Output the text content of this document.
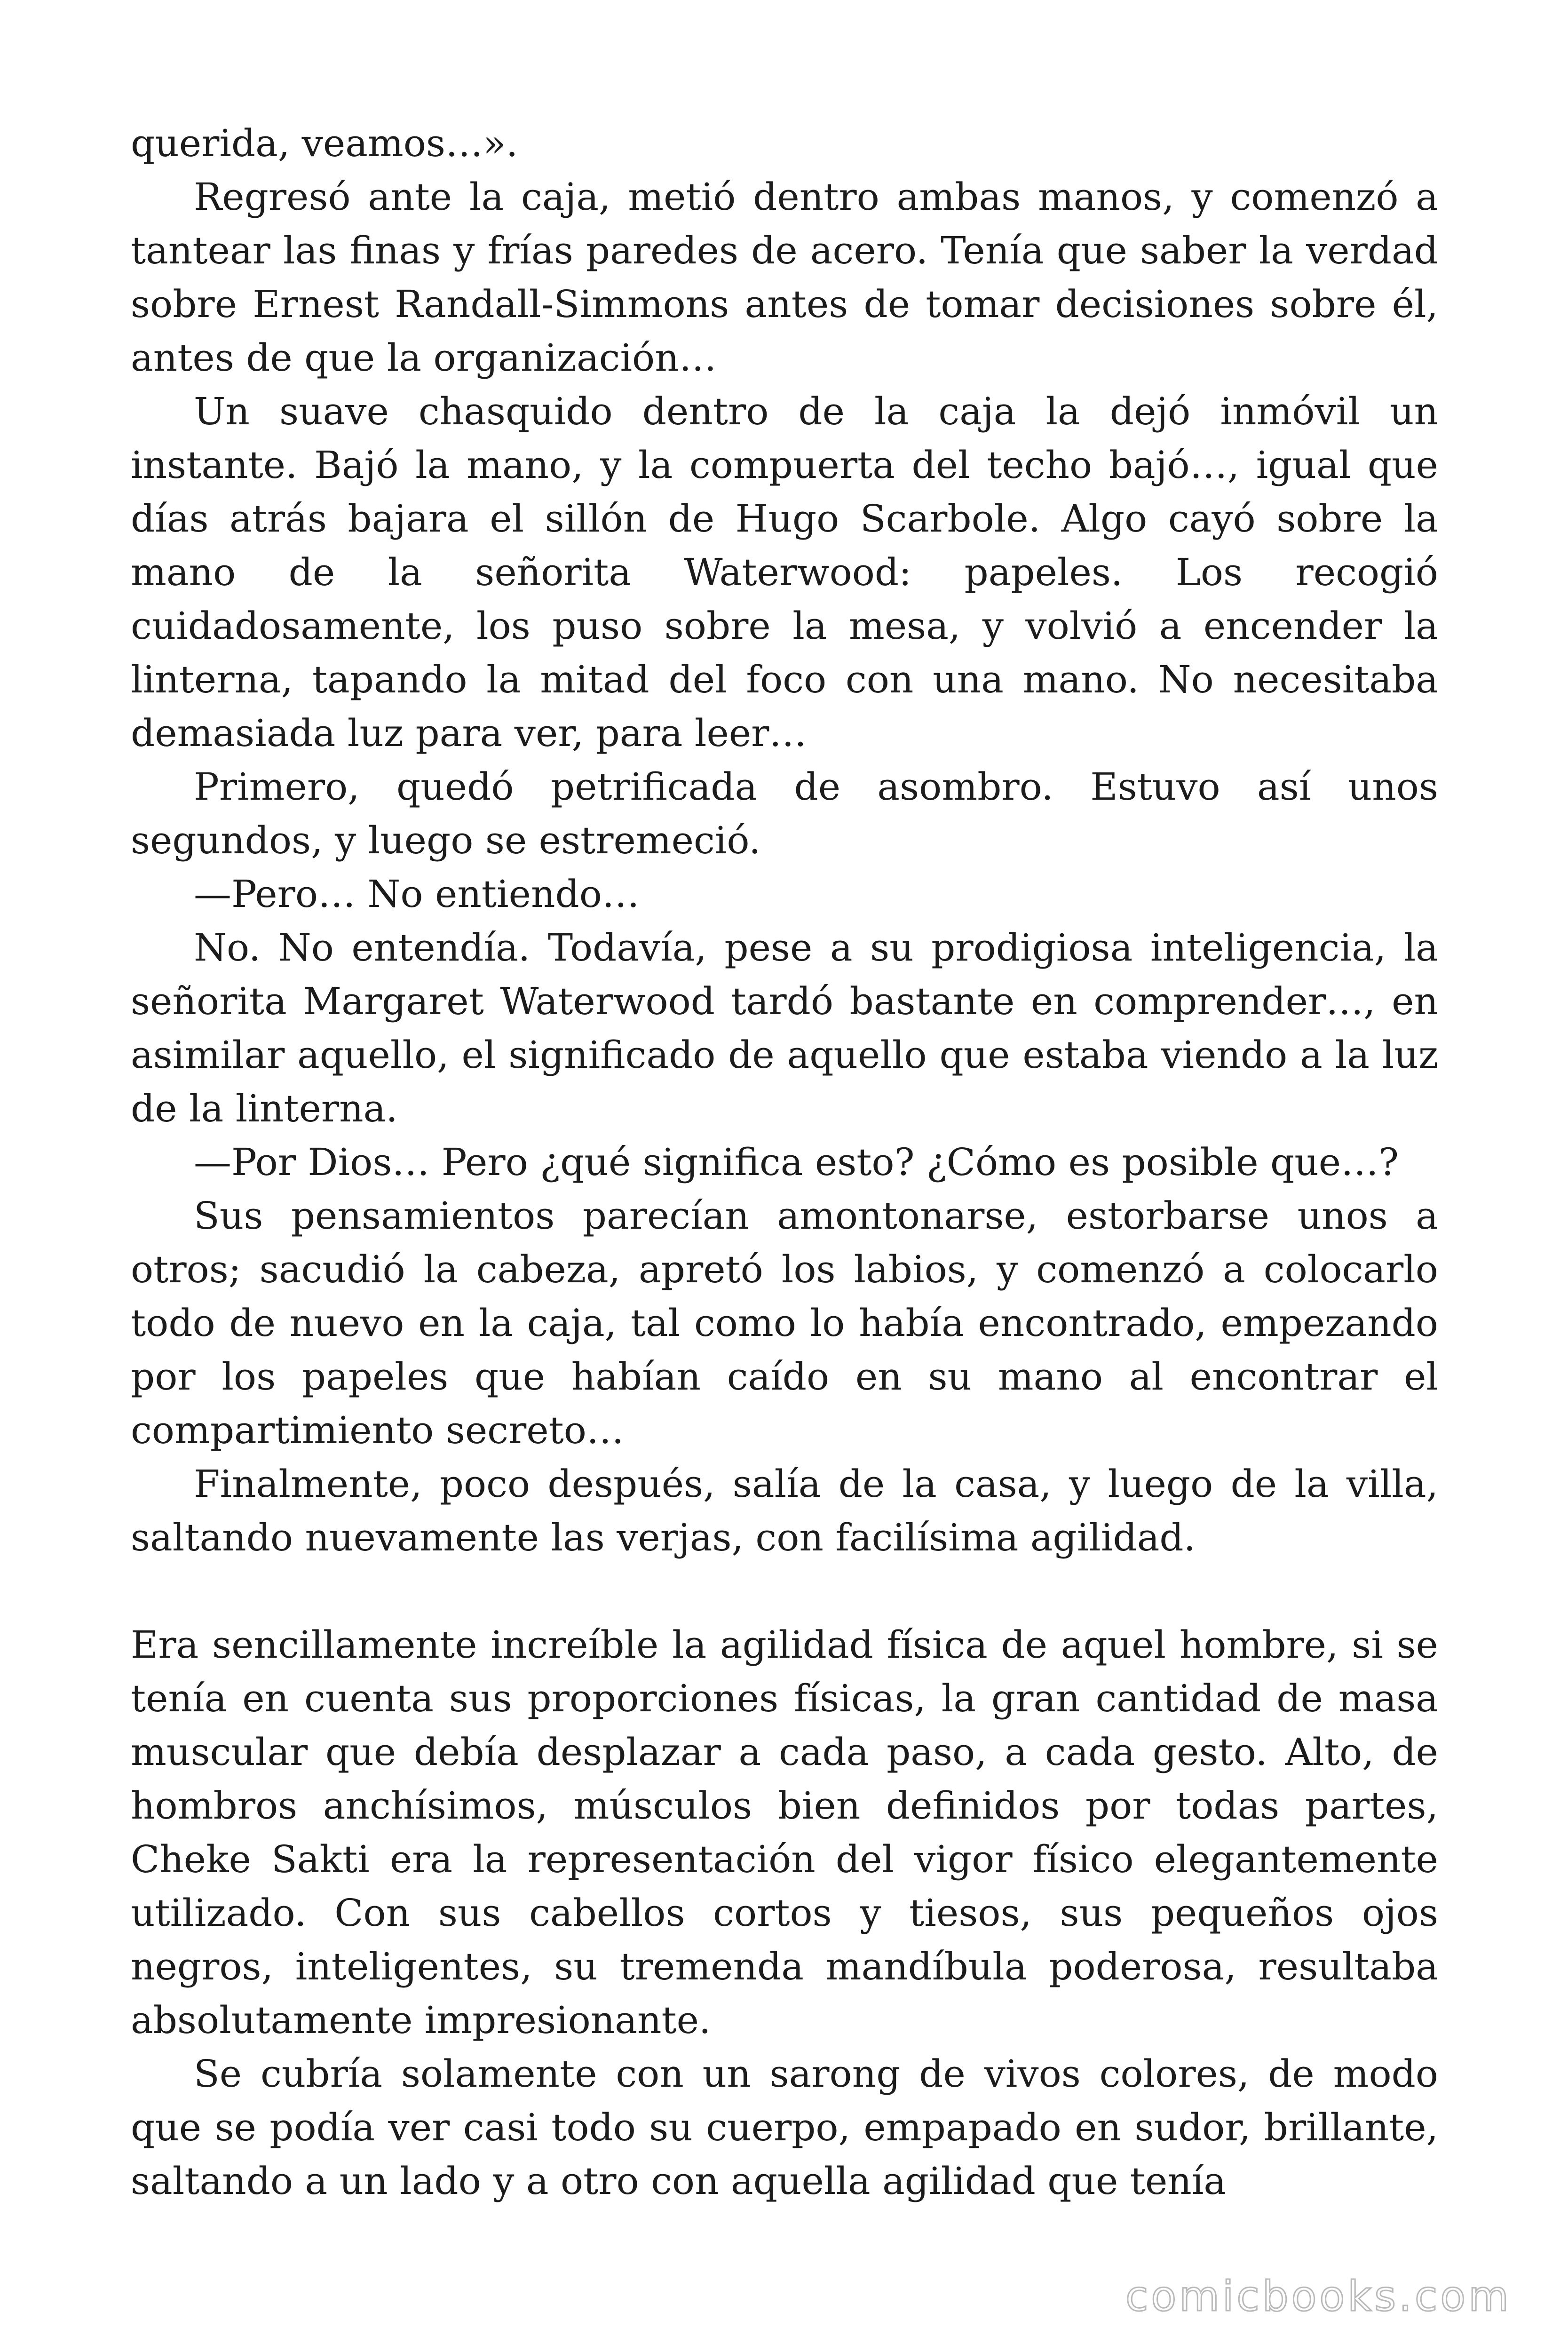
querida, veamos…».

Regresó ante la caja, metió dentro ambas manos, y comenzó a tantear las finas y frías paredes de acero. Tenía que saber la verdad sobre Ernest Randall-Simmons antes de tomar decisiones sobre él, antes de que la organización…

Un suave chasquido dentro de la caja la dejó inmóvil un instante. Bajó la mano, y la compuerta del techo bajó…, igual que días atrás bajara el sillón de Hugo Scarbole. Algo cayó sobre la mano de la señorita Waterwood: papeles. Los recogió cuidadosamente, los puso sobre la mesa, y volvió a encender la linterna, tapando la mitad del foco con una mano. No necesitaba demasiada luz para ver, para leer…

Primero, quedó petrificada de asombro. Estuvo así unos segundos, y luego se estremeció.

—Pero… No entiendo…

No. No entendía. Todavía, pese a su prodigiosa inteligencia, la señorita Margaret Waterwood tardó bastante en comprender…, en asimilar aquello, el significado de aquello que estaba viendo a la luz de la linterna.

—Por Dios… Pero ¿qué significa esto? ¿Cómo es posible que…?

Sus pensamientos parecían amontonarse, estorbarse unos a otros; sacudió la cabeza, apretó los labios, y comenzó a colocarlo todo de nuevo en la caja, tal como lo había encontrado, empezando por los papeles que habían caído en su mano al encontrar el compartimiento secreto…

Finalmente, poco después, salía de la casa, y luego de la villa, saltando nuevamente las verjas, con facilísima agilidad.

Era sencillamente increíble la agilidad física de aquel hombre, si se tenía en cuenta sus proporciones físicas, la gran cantidad de masa muscular que debía desplazar a cada paso, a cada gesto. Alto, de hombros anchísimos, músculos bien definidos por todas partes, Cheke Sakti era la representación del vigor físico elegantemente utilizado. Con sus cabellos cortos y tiesos, sus pequeños ojos negros, inteligentes, su tremenda mandíbula poderosa, resultaba absolutamente impresionante.

Se cubría solamente con un sarong de vivos colores, de modo que se podía ver casi todo su cuerpo, empapado en sudor, brillante, saltando a un lado y a otro con aquella agilidad que tenía

comicbooks.com
